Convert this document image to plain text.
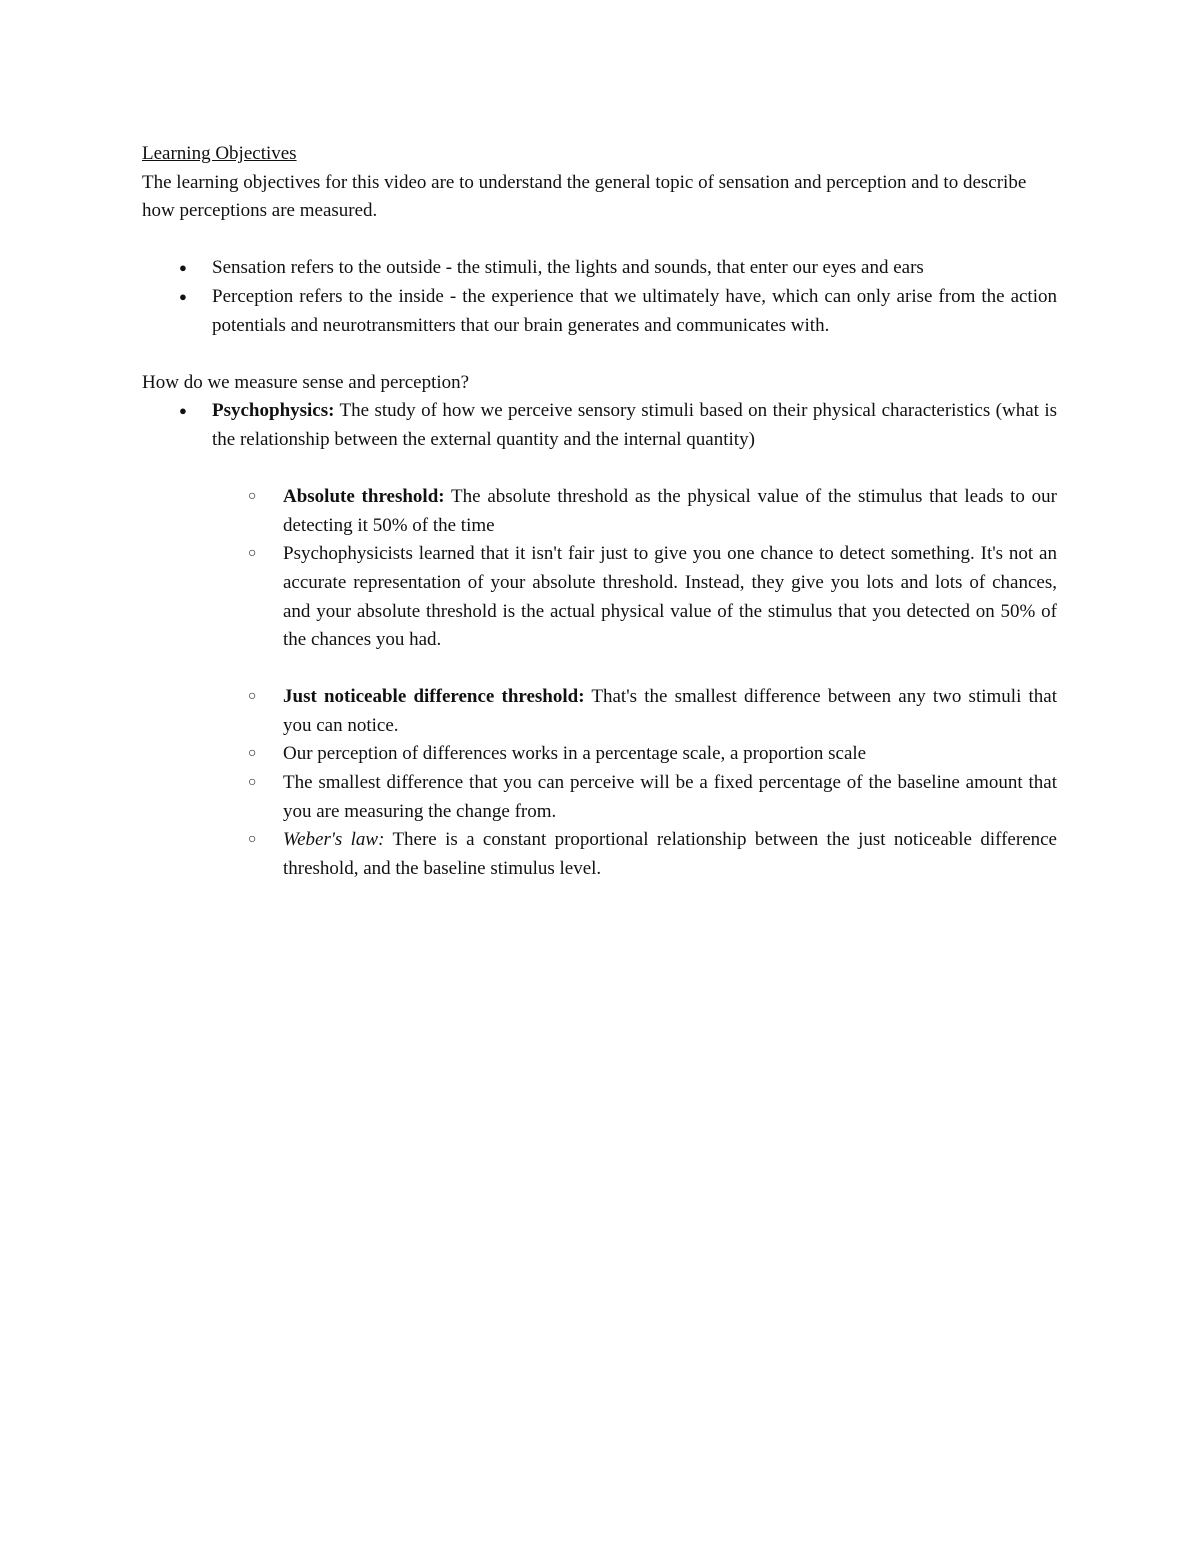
Learning Objectives

The learning objectives for this video are to understand the general topic of sensation and perception and to describe how perceptions are measured.

● Sensation refers to the outside - the stimuli, the lights and sounds, that enter our eyes and ears
● Perception refers to the inside - the experience that we ultimately have, which can only arise from the action potentials and neurotransmitters that our brain generates and communicates with.

How do we measure sense and perception?

● Psychophysics: The study of how we perceive sensory stimuli based on their physical characteristics (what is the relationship between the external quantity and the internal quantity)
○ Absolute threshold: The absolute threshold as the physical value of the stimulus that leads to our detecting it 50% of the time
○ Psychophysicists learned that it isn't fair just to give you one chance to detect something. It's not an accurate representation of your absolute threshold. Instead, they give you lots and lots of chances, and your absolute threshold is the actual physical value of the stimulus that you detected on 50% of the chances you had.
○ Just noticeable difference threshold: That's the smallest difference between any two stimuli that you can notice.
○ Our perception of differences works in a percentage scale, a proportion scale
○ The smallest difference that you can perceive will be a fixed percentage of the baseline amount that you are measuring the change from.
○ Weber's law: There is a constant proportional relationship between the just noticeable difference threshold, and the baseline stimulus level.
